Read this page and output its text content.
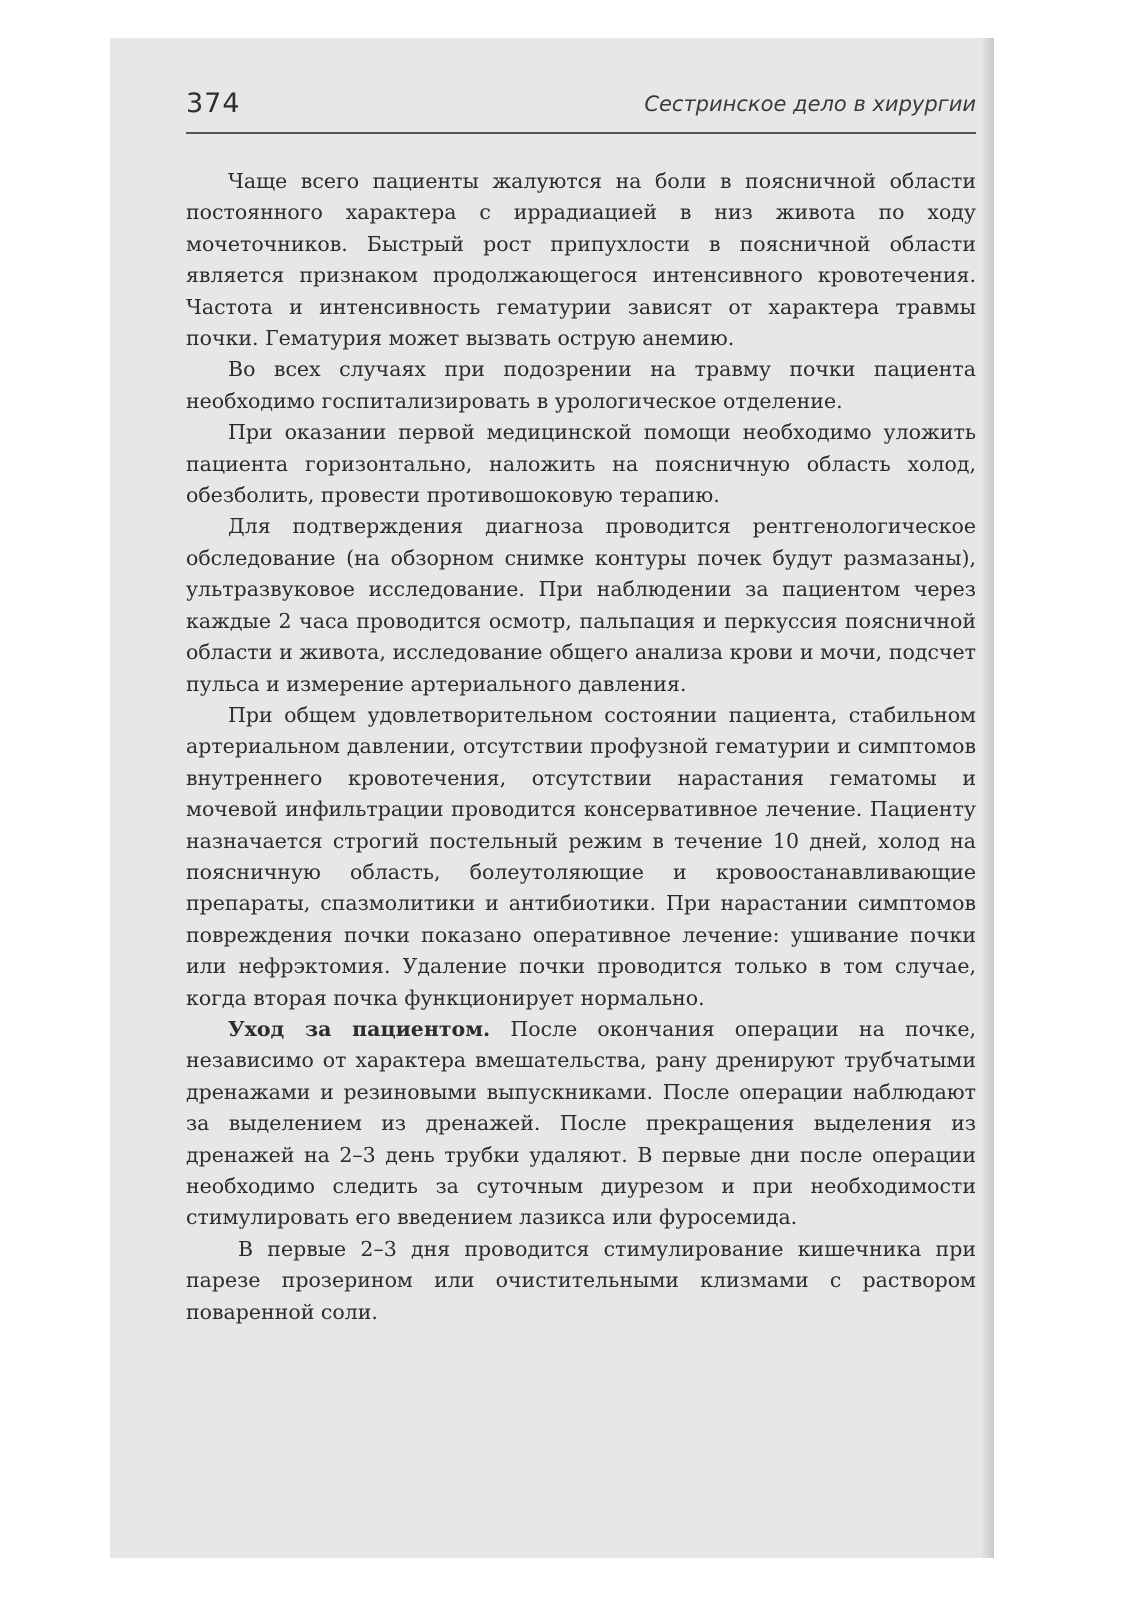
374	Сестринское дело в хирургии

Чаще всего пациенты жалуются на боли в поясничной области постоянного характера с иррадиацией в низ живота по ходу мочеточников. Быстрый рост припухлости в поясничной области является признаком продолжающегося интенсивного кровотечения. Частота и интенсивность гематурии зависят от характера травмы почки. Гематурия может вызвать острую анемию.

Во всех случаях при подозрении на травму почки пациента необходимо госпитализировать в урологическое отделение.

При оказании первой медицинской помощи необходимо уложить пациента горизонтально, наложить на поясничную область холод, обезболить, провести противошоковую терапию.

Для подтверждения диагноза проводится рентгенологическое обследование (на обзорном снимке контуры почек будут размазаны), ультразвуковое исследование. При наблюдении за пациентом через каждые 2 часа проводится осмотр, пальпация и перкуссия поясничной области и живота, исследование общего анализа крови и мочи, подсчет пульса и измерение артериального давления.

При общем удовлетворительном состоянии пациента, стабильном артериальном давлении, отсутствии профузной гематурии и симптомов внутреннего кровотечения, отсутствии нарастания гематомы и мочевой инфильтрации проводится консервативное лечение. Пациенту назначается строгий постельный режим в течение 10 дней, холод на поясничную область, болеутоляющие и кровоостанавливающие препараты, спазмолитики и антибиотики. При нарастании симптомов повреждения почки показано оперативное лечение: ушивание почки или нефрэктомия. Удаление почки проводится только в том случае, когда вторая почка функционирует нормально.

Уход за пациентом. После окончания операции на почке, независимо от характера вмешательства, рану дренируют трубчатыми дренажами и резиновыми выпускниками. После операции наблюдают за выделением из дренажей. После прекращения выделения из дренажей на 2–3 день трубки удаляют. В первые дни после операции необходимо следить за суточным диурезом и при необходимости стимулировать его введением лазикса или фуросемида.

В первые 2–3 дня проводится стимулирование кишечника при парезе прозерином или очистительными клизмами с раствором поваренной соли.
